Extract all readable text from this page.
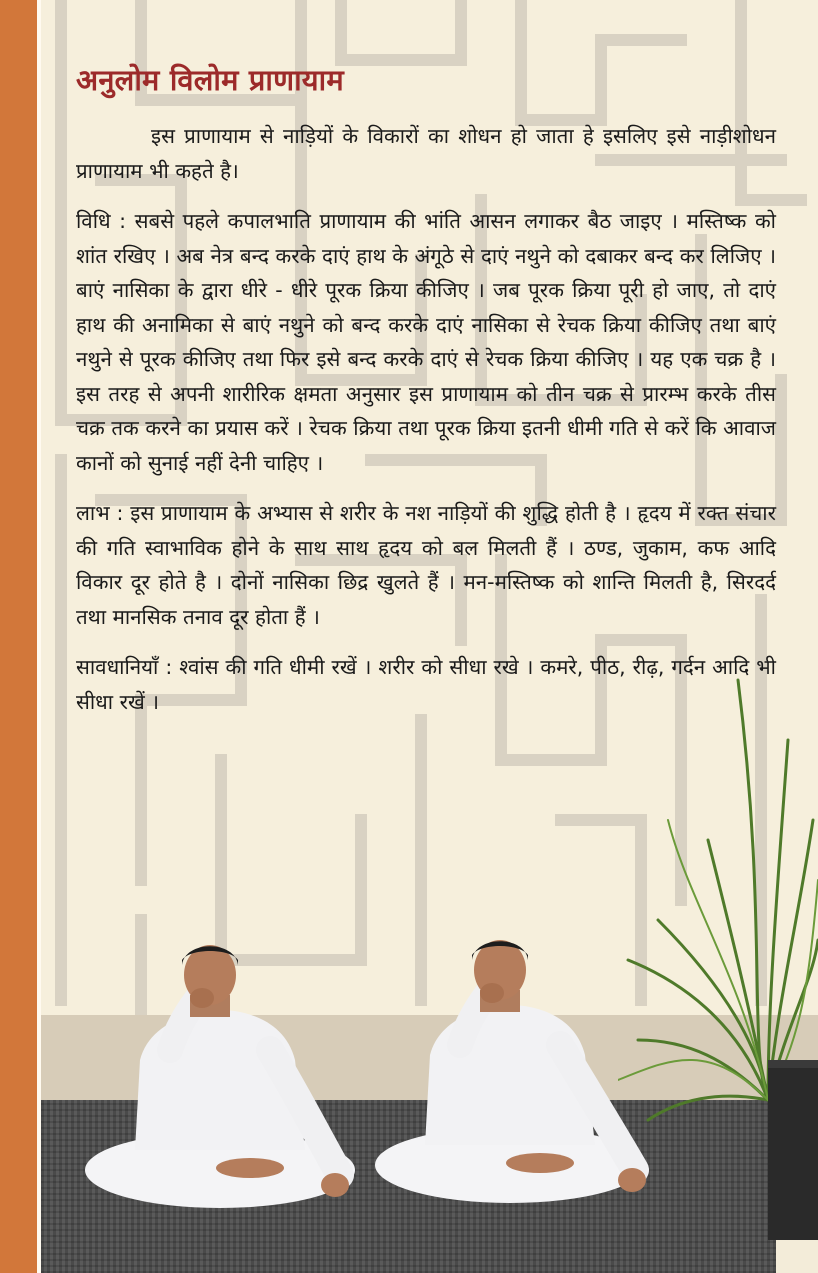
अनुलोम विलोम प्राणायाम

इस प्राणायाम से नाड़ियों के विकारों का शोधन हो जाता हे इसलिए इसे नाड़ीशोधन प्राणायाम भी कहते है।

विधि : सबसे पहले कपालभाति प्राणायाम की भांति आसन लगाकर बैठ जाइए । मस्तिष्क को शांत रखिए । अब नेत्र बन्द करके दाएं हाथ के अंगूठे से दाएं नथुने को दबाकर बन्द कर लिजिए । बाएं नासिका के द्वारा धीरे - धीरे पूरक क्रिया कीजिए । जब पूरक क्रिया पूरी हो जाए, तो दाएं हाथ की अनामिका से बाएं नथुने को बन्द करके दाएं नासिका से रेचक क्रिया कीजिए तथा बाएं नथुने से पूरक कीजिए तथा फिर इसे बन्द करके दाएं से रेचक क्रिया कीजिए । यह एक चक्र है । इस तरह से अपनी शारीरिक क्षमता अनुसार इस प्राणायाम को तीन चक्र से प्रारम्भ करके तीस चक्र तक करने का प्रयास करें । रेचक क्रिया तथा पूरक क्रिया इतनी धीमी गति से करें कि आवाज कानों को सुनाई नहीं देनी चाहिए ।

लाभ : इस प्राणायाम के अभ्यास से शरीर के नश नाड़ियों की शुद्धि होती है । हृदय में रक्त संचार की गति स्वाभाविक होने के साथ साथ हृदय को बल मिलती हैं । ठण्ड, जुकाम, कफ आदि विकार दूर होते है । दोनों नासिका छिद्र खुलते हैं । मन-मस्तिष्क को शान्ति मिलती है, सिरदर्द तथा मानसिक तनाव दूर होता हैं ।

सावधानियाँ : श्वांस की गति धीमी रखें । शरीर को सीधा रखे । कमरे, पीठ, रीढ़, गर्दन आदि भी सीधा रखें ।
